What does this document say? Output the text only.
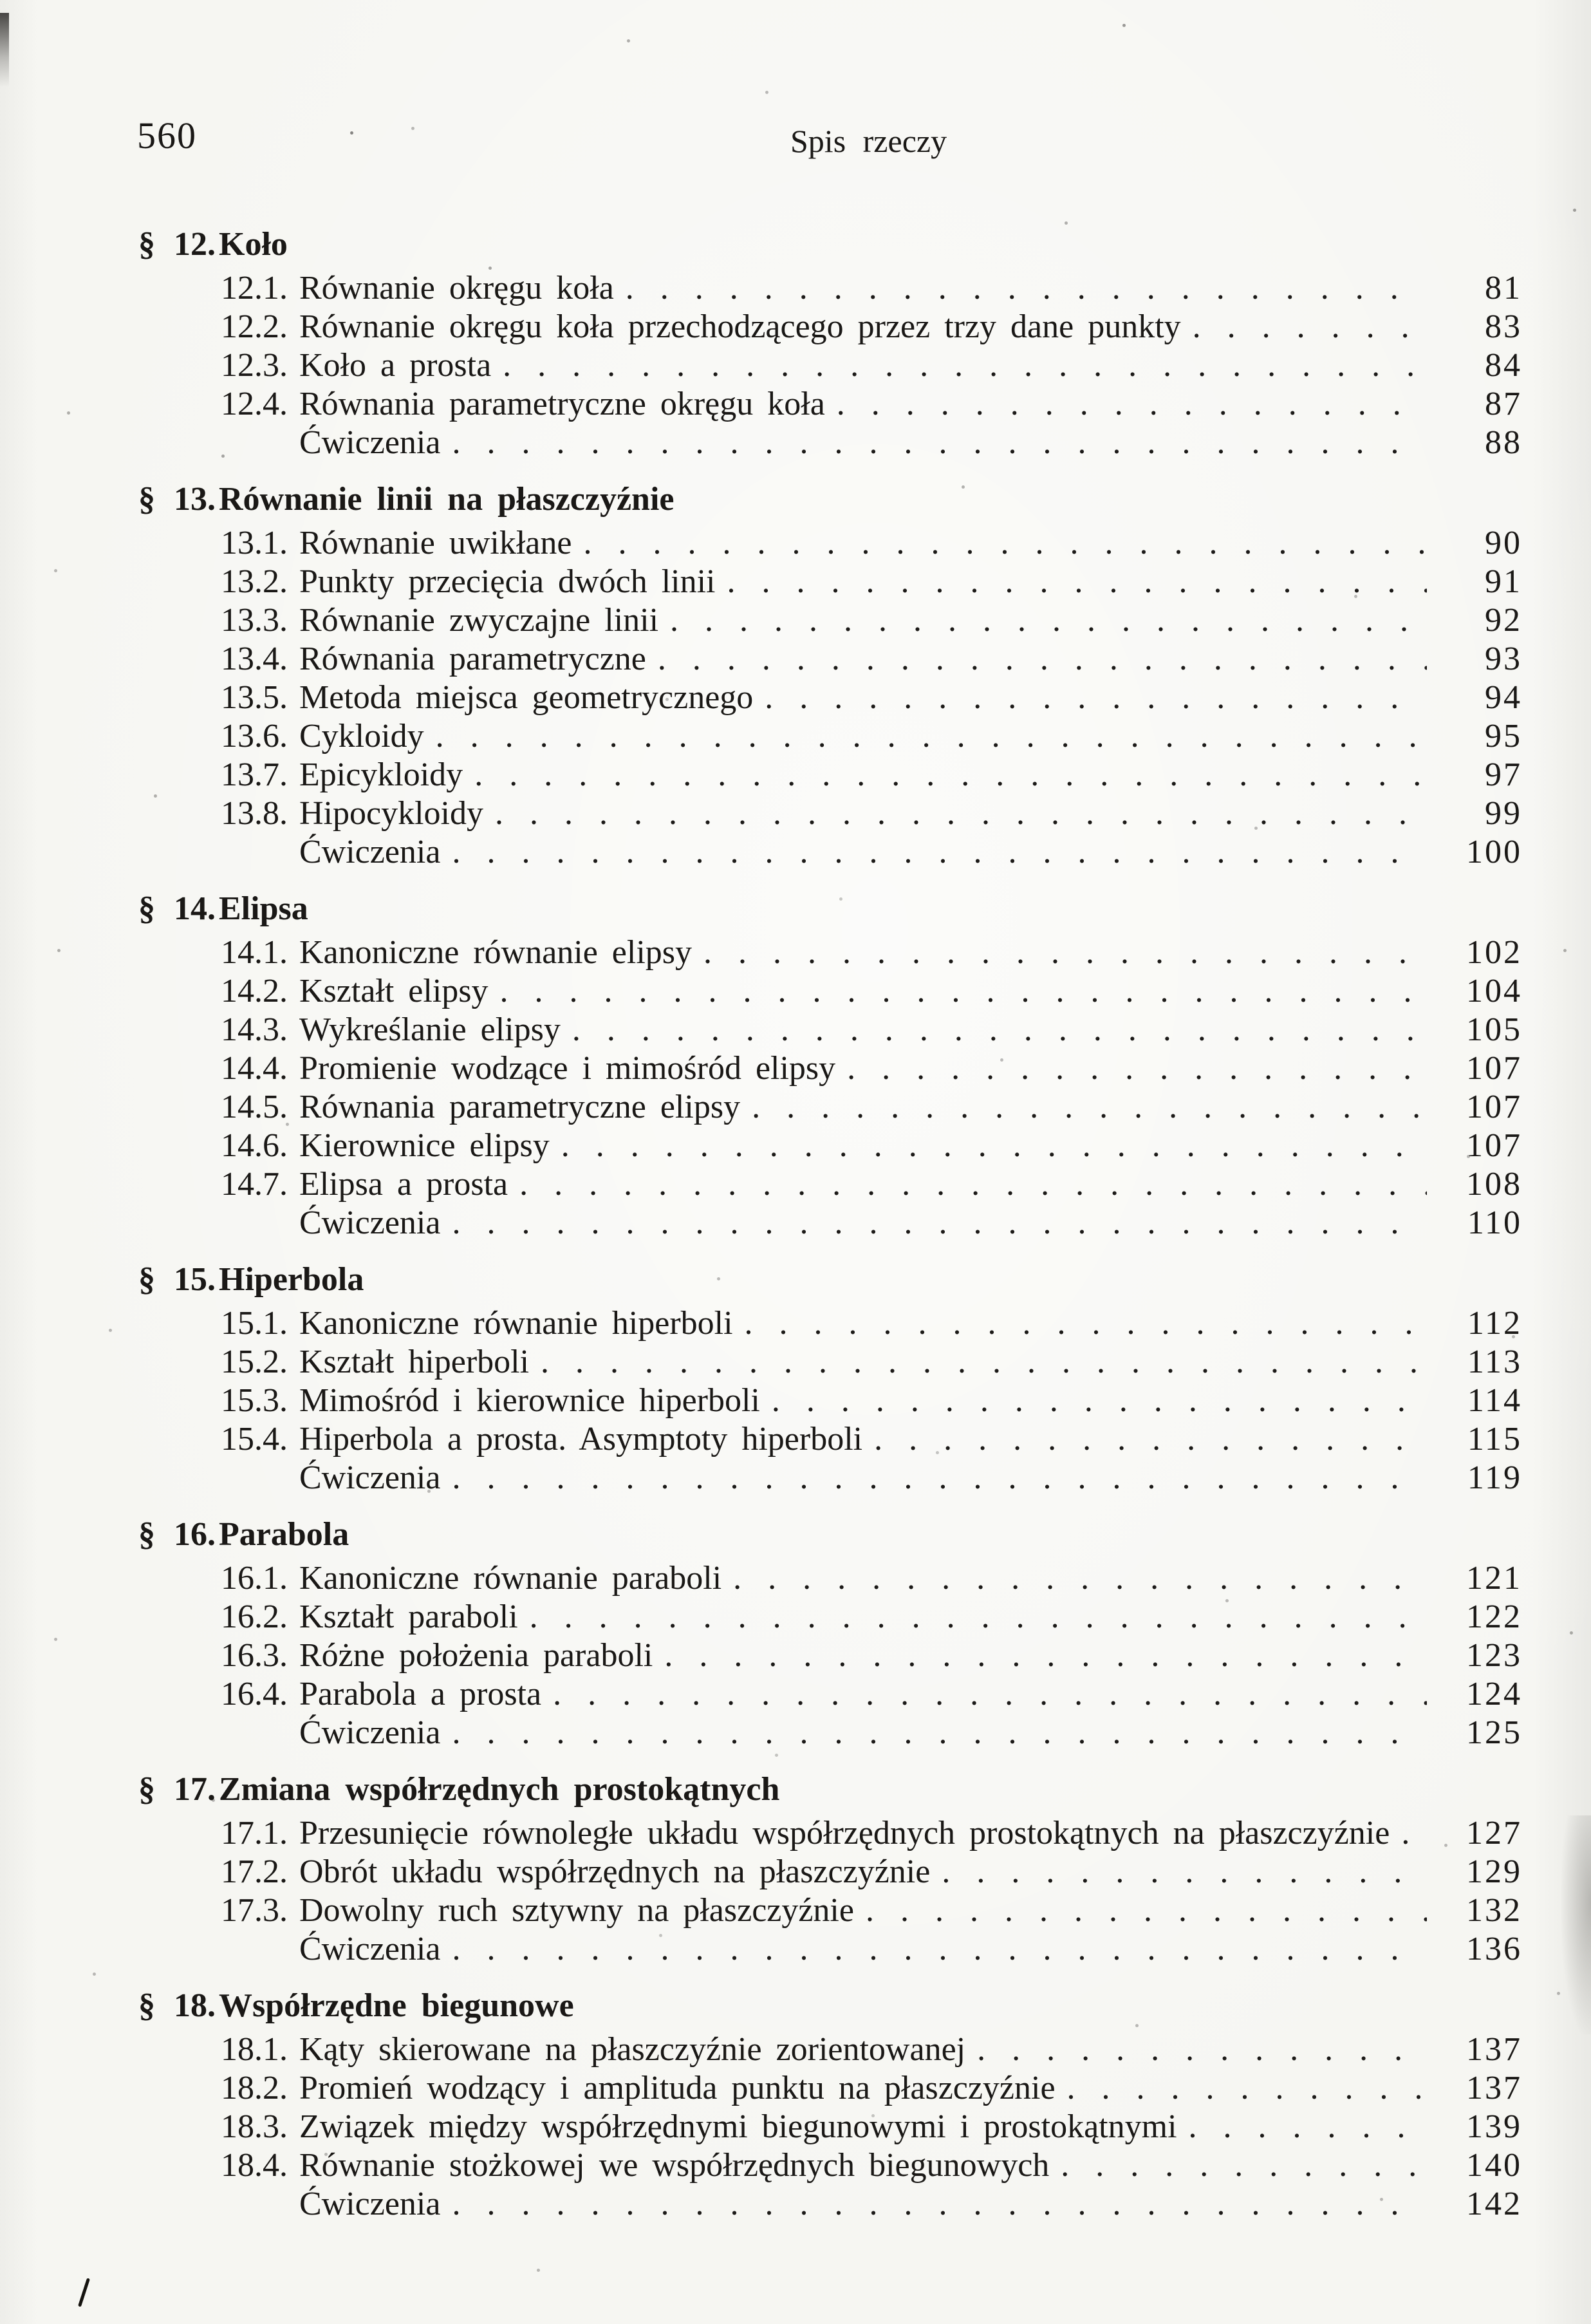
560	Spis rzeczy
§ 12.Koło
12.1. Równanie okręgu koła .....	81
12.2. Równanie okręgu koła przechodzącego przez trzy dane punkty .....	83
12.3. Koło a prosta .....	84
12.4. Równania parametryczne okręgu koła .....	87
Ćwiczenia .....	88
§ 13.Równanie linii na płaszczyźnie
13.1. Równanie uwikłane .....	90
13.2. Punkty przecięcia dwóch linii .....	91
13.3. Równanie zwyczajne linii .....	92
13.4. Równania parametryczne .....	93
13.5. Metoda miejsca geometrycznego .....	94
13.6. Cykloidy .....	95
13.7. Epicykloidy .....	97
13.8. Hipocykloidy .....	99
Ćwiczenia .....	100
§ 14.Elipsa
14.1. Kanoniczne równanie elipsy .....	102
14.2. Kształt elipsy .....	104
14.3. Wykreślanie elipsy .....	105
14.4. Promienie wodzące i mimośród elipsy .....	107
14.5. Równania parametryczne elipsy .....	107
14.6. Kierownice elipsy .....	107
14.7. Elipsa a prosta .....	108
Ćwiczenia .....	110
§ 15.Hiperbola
15.1. Kanoniczne równanie hiperboli .....	112
15.2. Kształt hiperboli .....	113
15.3. Mimośród i kierownice hiperboli .....	114
15.4. Hiperbola a prosta. Asymptoty hiperboli .....	115
Ćwiczenia .....	119
§ 16.Parabola
16.1. Kanoniczne równanie paraboli .....	121
16.2. Kształt paraboli .....	122
16.3. Różne położenia paraboli .....	123
16.4. Parabola a prosta .....	124
Ćwiczenia .....	125
§ 17.Zmiana współrzędnych prostokątnych
17.1. Przesunięcie równoległe układu współrzędnych prostokątnych na płaszczyźnie .....	127
17.2. Obrót układu współrzędnych na płaszczyźnie .....	129
17.3. Dowolny ruch sztywny na płaszczyźnie .....	132
Ćwiczenia .....	136
§ 18.Współrzędne biegunowe
18.1. Kąty skierowane na płaszczyźnie zorientowanej .....	137
18.2. Promień wodzący i amplituda punktu na płaszczyźnie .....	137
18.3. Związek między współrzędnymi biegunowymi i prostokątnymi .....	139
18.4. Równanie stożkowej we współrzędnych biegunowych .....	140
Ćwiczenia .....	142
